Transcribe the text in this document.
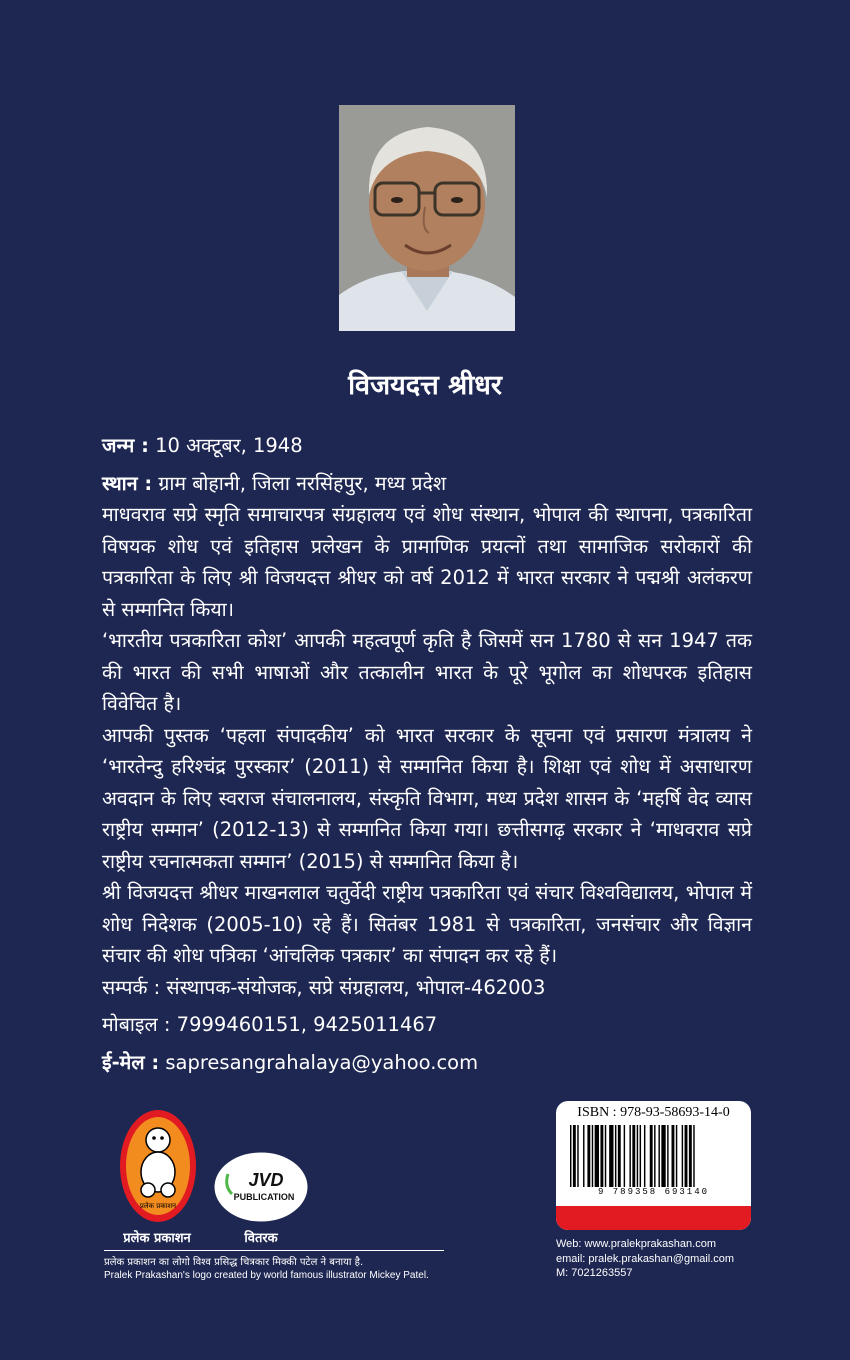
विजयदत्त श्रीधर
जन्म : 10 अक्टूबर, 1948
स्थान : ग्राम बोहानी, जिला नरसिंहपुर, मध्य प्रदेश
माधवराव सप्रे स्मृति समाचारपत्र संग्रहालय एवं शोध संस्थान, भोपाल की स्थापना, पत्रकारिता विषयक शोध एवं इतिहास प्रलेखन के प्रामाणिक प्रयत्नों तथा सामाजिक सरोकारों की पत्रकारिता के लिए श्री विजयदत्त श्रीधर को वर्ष 2012 में भारत सरकार ने पद्मश्री अलंकरण से सम्मानित किया।
‘भारतीय पत्रकारिता कोश’ आपकी महत्वपूर्ण कृति है जिसमें सन 1780 से सन 1947 तक की भारत की सभी भाषाओं और तत्कालीन भारत के पूरे भूगोल का शोधपरक इतिहास विवेचित है।
आपकी पुस्तक ‘पहला संपादकीय’ को भारत सरकार के सूचना एवं प्रसारण मंत्रालय ने ‘भारतेन्दु हरिश्चंद्र पुरस्कार’ (2011) से सम्मानित किया है। शिक्षा एवं शोध में असाधारण अवदान के लिए स्वराज संचालनालय, संस्कृति विभाग, मध्य प्रदेश शासन के ‘महर्षि वेद व्यास राष्ट्रीय सम्मान’ (2012-13) से सम्मानित किया गया। छत्तीसगढ़ सरकार ने ‘माधवराव सप्रे राष्ट्रीय रचनात्मकता सम्मान’ (2015) से सम्मानित किया है।
श्री विजयदत्त श्रीधर माखनलाल चतुर्वेदी राष्ट्रीय पत्रकारिता एवं संचार विश्वविद्यालय, भोपाल में शोध निदेशक (2005-10) रहे हैं। सितंबर 1981 से पत्रकारिता, जनसंचार और विज्ञान संचार की शोध पत्रिका ‘आंचलिक पत्रकार’ का संपादन कर रहे हैं।
सम्पर्क : संस्थापक-संयोजक, सप्रे संग्रहालय, भोपाल-462003
मोबाइल : 7999460151, 9425011467
ई-मेल : sapresangrahalaya@yahoo.com
प्रलेक प्रकाशन
प्रलेक प्रकाशन
JVD
PUBLICATION
वितरक
प्रलेक प्रकाशन का लोगो विश्व प्रसिद्ध चित्रकार मिक्की पटेल ने बनाया है.
Pralek Prakashan's logo created by world famous illustrator Mickey Patel.
ISBN : 978-93-58693-14-0
9 789358 693140
Web: www.pralekprakashan.com
email: pralek.prakashan@gmail.com
M: 7021263557
